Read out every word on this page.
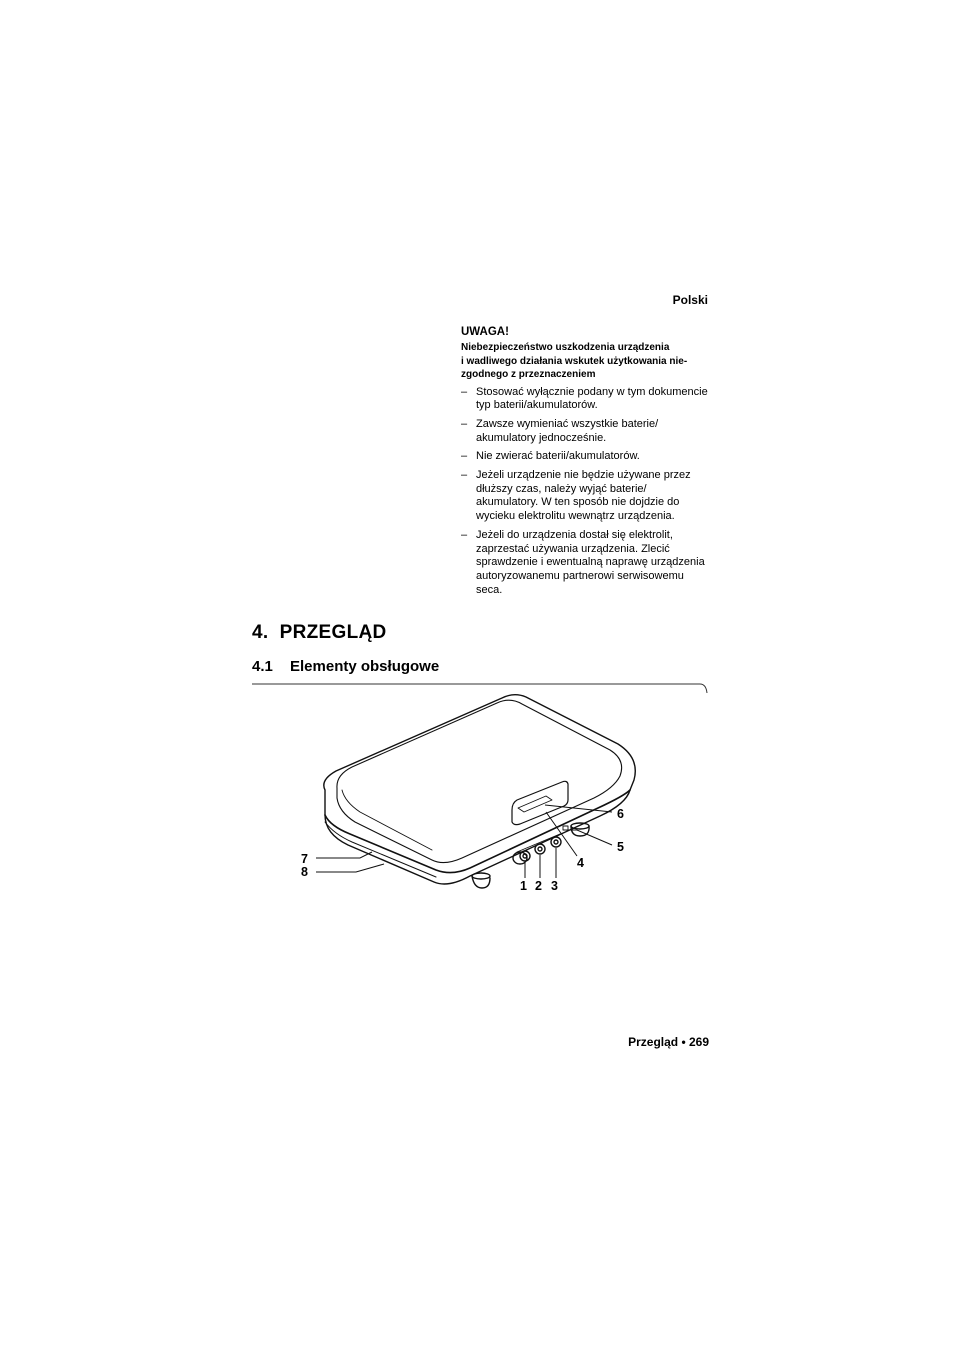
Polski
UWAGA!
Niebezpieczeństwo uszkodzenia urządzenia
i wadliwego działania wskutek użytkowania nie-
zgodnego z przeznaczeniem
– Stosować wyłącznie podany w tym dokumencie typ baterii/akumulatorów.
– Zawsze wymieniać wszystkie baterie/ akumulatory jednocześnie.
– Nie zwierać baterii/akumulatorów.
– Jeżeli urządzenie nie będzie używane przez dłuższy czas, należy wyjąć baterie/ akumulatory. W ten sposób nie dojdzie do wycieku elektrolitu wewnątrz urządzenia.
– Jeżeli do urządzenia dostał się elektrolit, zaprzestać używania urządzenia. Zlecić sprawdzenie i ewentualną naprawę urządzenia autoryzowanemu partnerowi serwisowemu seca.
4. PRZEGLĄD
4.1 Elementy obsługowe
1 2 3
4
5
6
7
8
Przegląd • 269
